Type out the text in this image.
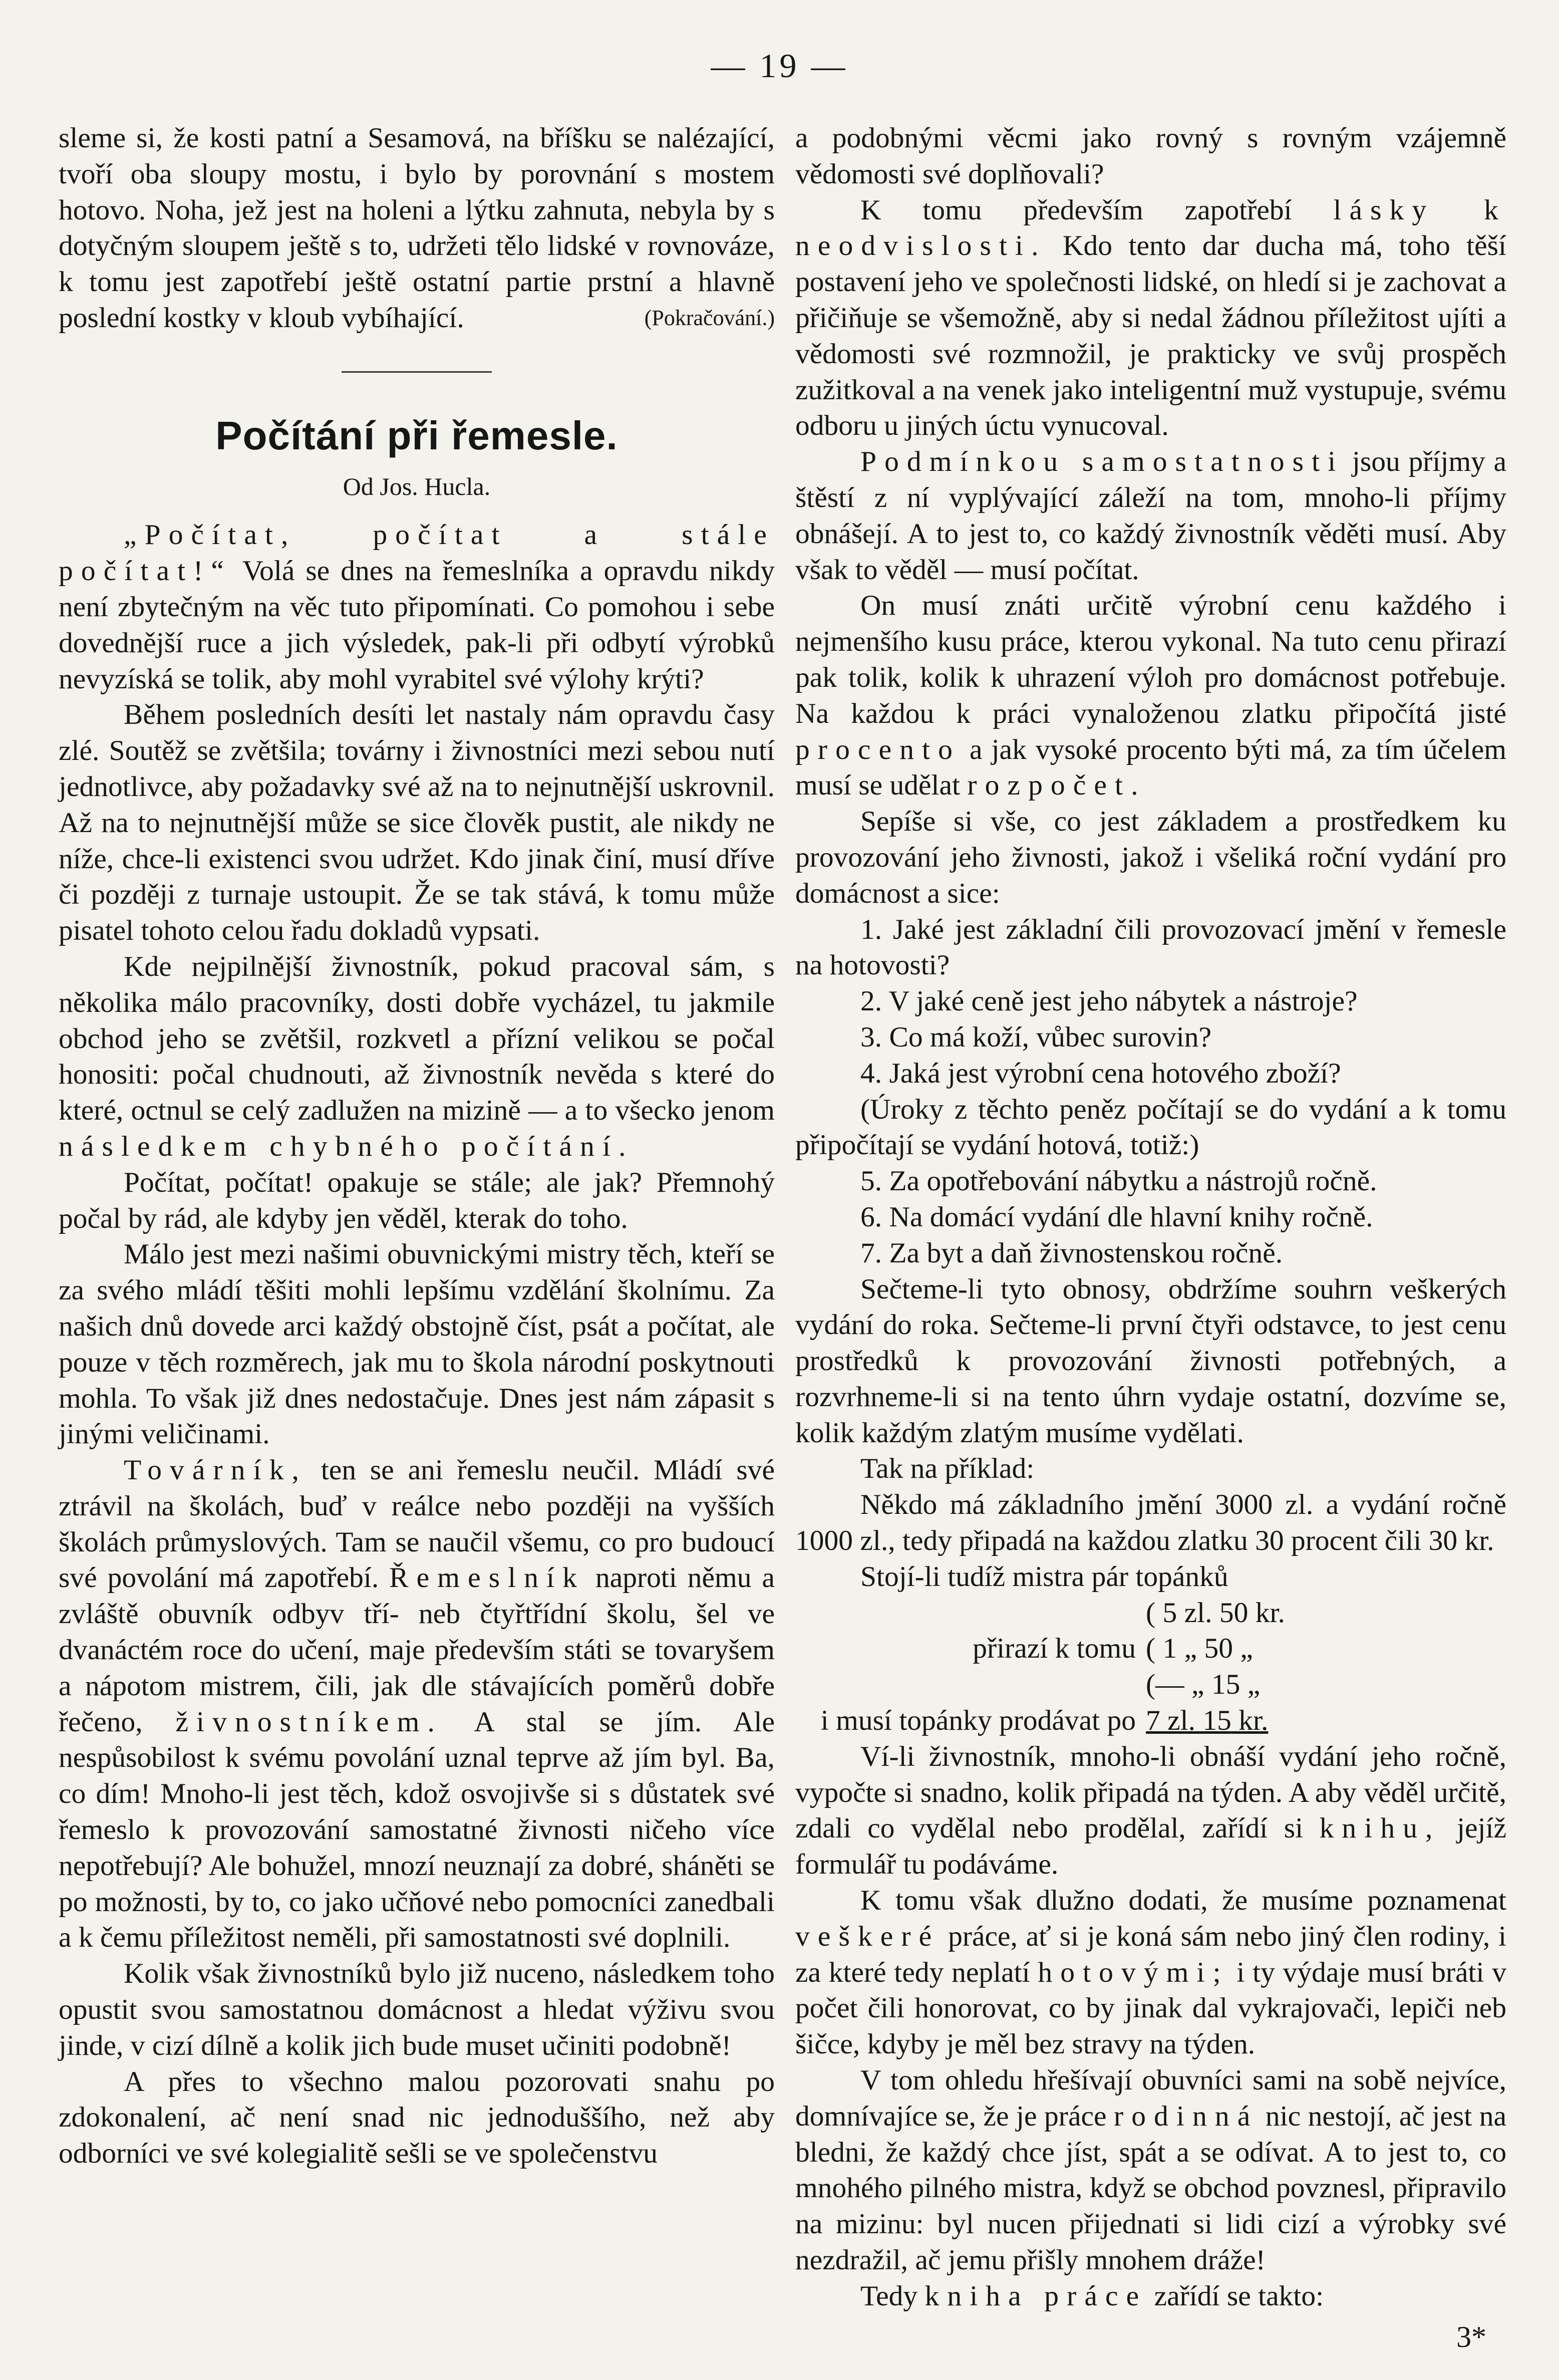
— 19 —

sleme si, že kosti patní a Sesamová, na bříšku se nalézající, tvoří oba sloupy mostu, i bylo by porovnání s mostem hotovo. Noha, jež jest na holeni a lýtku zahnuta, nebyla by s dotyčným sloupem ještě s to, udržeti tělo lidské v rovnováze, k tomu jest zapotřebí ještě ostatní partie prstní a hlavně poslední kostky v kloub vybíhající.	(Pokračování.)
Počítání při řemesle.
Od Jos. Hucla.

„Počítat, počítat a stále počítat!“ Volá se dnes na řemeslníka a opravdu nikdy není zbytečným na věc tuto připomínati. Co pomohou i sebe dovednější ruce a jich výsledek, pak-li při odbytí výrobků nevyzíská se tolik, aby mohl vyrabitel své výlohy krýti?

Během posledních desíti let nastaly nám opravdu časy zlé. Soutěž se zvětšila; továrny i živnostníci mezi sebou nutí jednotlivce, aby požadavky své až na to nejnutnější uskrovnil. Až na to nejnutnější může se sice člověk pustit, ale nikdy ne níže, chce-li existenci svou udržet. Kdo jinak činí, musí dříve či později z turnaje ustoupit. Že se tak stává, k tomu může pisatel tohoto celou řadu dokladů vypsati.

Kde nejpilnější živnostník, pokud pracoval sám, s několika málo pracovníky, dosti dobře vycházel, tu jakmile obchod jeho se zvětšil, rozkvetl a přízní velikou se počal honositi: počal chudnouti, až živnostník nevěda s které do které, octnul se celý zadlužen na mizině — a to všecko jenom následkem chybného počítání.

Počítat, počítat! opakuje se stále; ale jak? Přemnohý počal by rád, ale kdyby jen věděl, kterak do toho.

Málo jest mezi našimi obuvnickými mistry těch, kteří se za svého mládí těšiti mohli lepšímu vzdělání školnímu. Za našich dnů dovede arci každý obstojně číst, psát a počítat, ale pouze v těch rozměrech, jak mu to škola národní poskytnouti mohla. To však již dnes nedostačuje. Dnes jest nám zápasit s jinými veličinami.

Továrník, ten se ani řemeslu neučil. Mládí své ztrávil na školách, buď v reálce nebo později na vyšších školách průmyslových. Tam se naučil všemu, co pro budoucí své povolání má zapotřebí. Řemeslník naproti němu a zvláště obuvník odbyv tří- neb čtyřtřídní školu, šel ve dvanáctém roce do učení, maje především státi se tovaryšem a nápotom mistrem, čili, jak dle stávajících poměrů dobře řečeno, živnostníkem. A stal se jím. Ale nespůsobilost k svému povolání uznal teprve až jím byl. Ba, co dím! Mnoho-li jest těch, kdož osvojivše si s důstatek své řemeslo k provozování samostatné živnosti ničeho více nepotřebují? Ale bohužel, mnozí neuznají za dobré, sháněti se po možnosti, by to, co jako učňové nebo pomocníci zanedbali a k čemu příležitost neměli, při samostatnosti své doplnili.

Kolik však živnostníků bylo již nuceno, následkem toho opustit svou samostatnou domácnost a hledat výživu svou jinde, v cizí dílně a kolik jich bude muset učiniti podobně!

A přes to všechno malou pozorovati snahu po zdokonalení, ač není snad nic jednoduššího, než aby odborníci ve své kolegialitě sešli se ve společenstvu

a podobnými věcmi jako rovný s rovným vzájemně vědomosti své doplňovali?

K tomu především zapotřebí lásky k neodvislosti. Kdo tento dar ducha má, toho těší postavení jeho ve společnosti lidské, on hledí si je zachovat a přičiňuje se všemožně, aby si nedal žádnou příležitost ujíti a vědomosti své rozmnožil, je prakticky ve svůj prospěch zužitkoval a na venek jako inteligentní muž vystupuje, svému odboru u jiných úctu vynucoval.

Podmínkou samostatnosti jsou příjmy a štěstí z ní vyplývající záleží na tom, mnoho-li příjmy obnášejí. A to jest to, co každý živnostník věděti musí. Aby však to věděl — musí počítat.

On musí znáti určitě výrobní cenu každého i nejmenšího kusu práce, kterou vykonal. Na tuto cenu přirazí pak tolik, kolik k uhrazení výloh pro domácnost potřebuje. Na každou k práci vynaloženou zlatku připočítá jisté procento a jak vysoké procento býti má, za tím účelem musí se udělat rozpočet.

Sepíše si vše, co jest základem a prostředkem ku provozování jeho živnosti, jakož i všeliká roční vydání pro domácnost a sice:

1. Jaké jest základní čili provozovací jmění v řemesle na hotovosti?

2. V jaké ceně jest jeho nábytek a nástroje?

3. Co má koží, vůbec surovin?

4. Jaká jest výrobní cena hotového zboží?

(Úroky z těchto peněz počítají se do vydání a k tomu připočítají se vydání hotová, totiž:)

5. Za opotřebování nábytku a nástrojů ročně.

6. Na domácí vydání dle hlavní knihy ročně.

7. Za byt a daň živnostenskou ročně.

Sečteme-li tyto obnosy, obdržíme souhrn veškerých vydání do roka. Sečteme-li první čtyři odstavce, to jest cenu prostředků k provozování živnosti potřebných, a rozvrhneme-li si na tento úhrn vydaje ostatní, dozvíme se, kolik každým zlatým musíme vydělati.

Tak na příklad:

Někdo má základního jmění 3000 zl. a vydání ročně 1000 zl., tedy připadá na každou zlatku 30 procent čili 30 kr.

Stojí-li tudíž mistra pár topánků

( 5 zl. 50 kr.
přirazí k tomu ( 1 „ 50 „
(— „ 15 „
i musí topánky prodávat po 7 zl. 15 kr.

Ví-li živnostník, mnoho-li obnáší vydání jeho ročně, vypočte si snadno, kolik připadá na týden. A aby věděl určitě, zdali co vydělal nebo prodělal, zařídí si knihu, jejíž formulář tu podáváme.

K tomu však dlužno dodati, že musíme poznamenat veškeré práce, ať si je koná sám nebo jiný člen rodiny, i za které tedy neplatí hotovými; i ty výdaje musí bráti v počet čili honorovat, co by jinak dal vykrajovači, lepiči neb šičce, kdyby je měl bez stravy na týden.

V tom ohledu hřešívají obuvníci sami na sobě nejvíce, domnívajíce se, že je práce rodinná nic nestojí, ač jest na bledni, že každý chce jíst, spát a se odívat. A to jest to, co mnohého pilného mistra, když se obchod povznesl, připravilo na mizinu: byl nucen přijednati si lidi cizí a výrobky své nezdražil, ač jemu přišly mnohem dráže!

Tedy kniha práce zařídí se takto:

3*
